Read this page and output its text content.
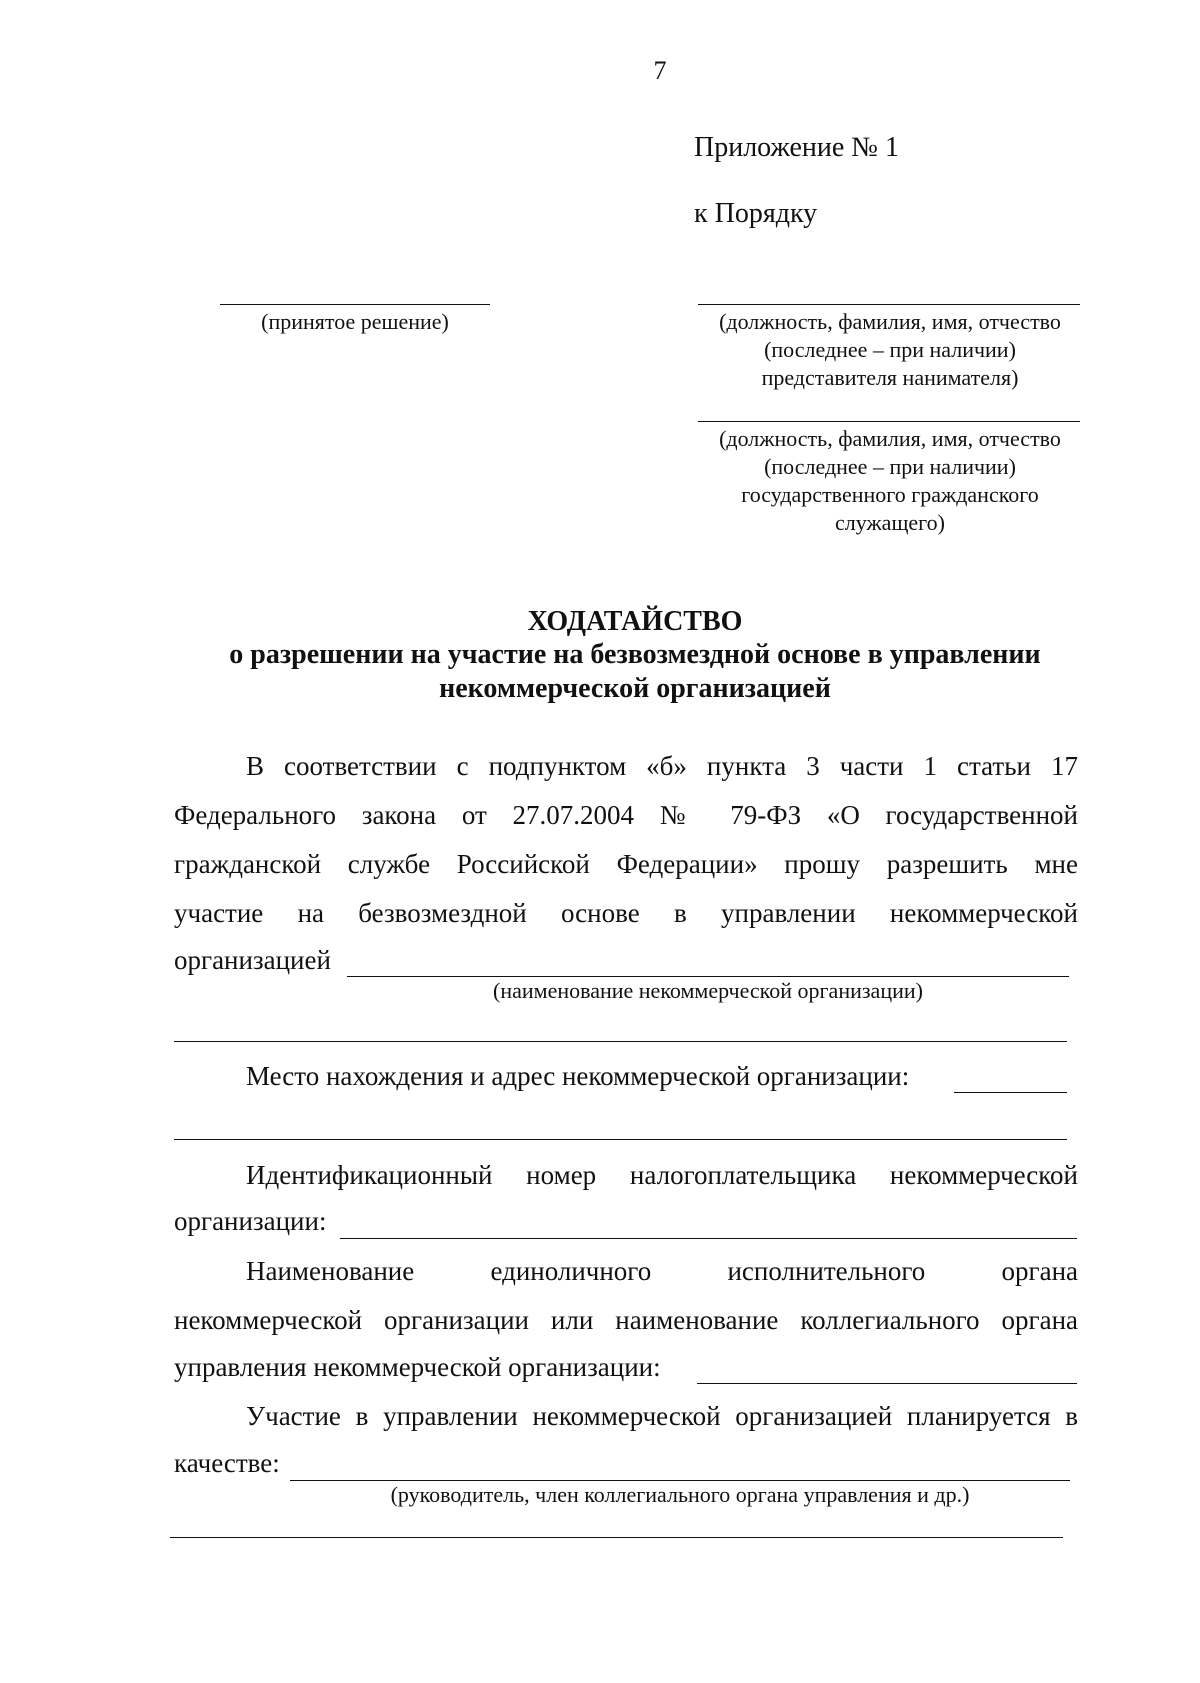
7
Приложение № 1
к Порядку
(принятое решение)	(должность, фамилия, имя, отчество
(последнее – при наличии)
представителя нанимателя)
(должность, фамилия, имя, отчество
(последнее – при наличии)
государственного гражданского
служащего)
ХОДАТАЙСТВО
о разрешении на участие на безвозмездной основе в управлении
некоммерческой организацией
В соответствии с подпунктом «б» пункта 3 части 1 статьи 17
Федерального закона от 27.07.2004 № 79-ФЗ «О государственной
гражданской службе Российской Федерации» прошу разрешить мне
участие на безвозмездной основе в управлении некоммерческой
организацией
(наименование некоммерческой организации)
Место нахождения и адрес некоммерческой организации:
Идентификационный номер налогоплательщика некоммерческой
организации:
Наименование единоличного исполнительного органа
некоммерческой организации или наименование коллегиального органа
управления некоммерческой организации:
Участие в управлении некоммерческой организацией планируется в
качестве:
(руководитель, член коллегиального органа управления и др.)
